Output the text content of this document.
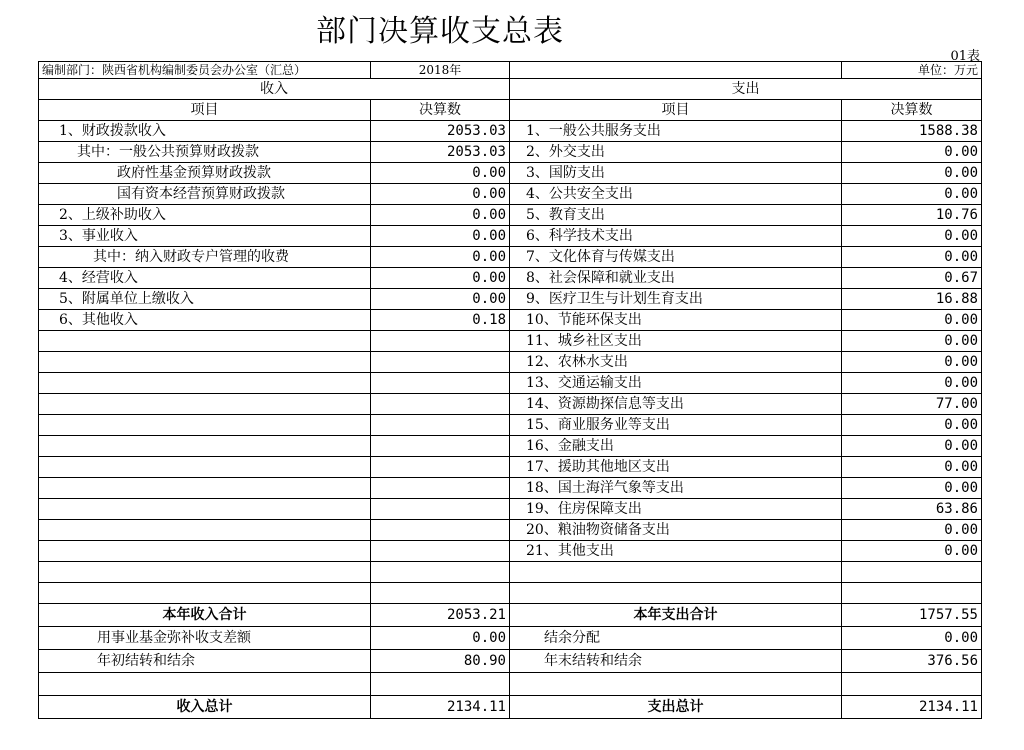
部门决算收支总表
01表
编制部门：陕西省机构编制委员会办公室（汇总）	2018年		单位：万元
收入		支出	
项目	决算数	项目	决算数
1、财政拨款收入	2053.03	1、一般公共服务支出	1588.38
其中：一般公共预算财政拨款	2053.03	2、外交支出	0.00
政府性基金预算财政拨款	0.00	3、国防支出	0.00
国有资本经营预算财政拨款	0.00	4、公共安全支出	0.00
2、上级补助收入	0.00	5、教育支出	10.76
3、事业收入	0.00	6、科学技术支出	0.00
其中：纳入财政专户管理的收费	0.00	7、文化体育与传媒支出	0.00
4、经营收入	0.00	8、社会保障和就业支出	0.67
5、附属单位上缴收入	0.00	9、医疗卫生与计划生育支出	16.88
6、其他收入	0.18	10、节能环保支出	0.00
		11、城乡社区支出	0.00
		12、农林水支出	0.00
		13、交通运输支出	0.00
		14、资源勘探信息等支出	77.00
		15、商业服务业等支出	0.00
		16、金融支出	0.00
		17、援助其他地区支出	0.00
		18、国土海洋气象等支出	0.00
		19、住房保障支出	63.86
		20、粮油物资储备支出	0.00
		21、其他支出	0.00

本年收入合计	2053.21	本年支出合计	1757.55
用事业基金弥补收支差额	0.00	结余分配	0.00
年初结转和结余	80.90	年末结转和结余	376.56

收入总计	2134.11	支出总计	2134.11
